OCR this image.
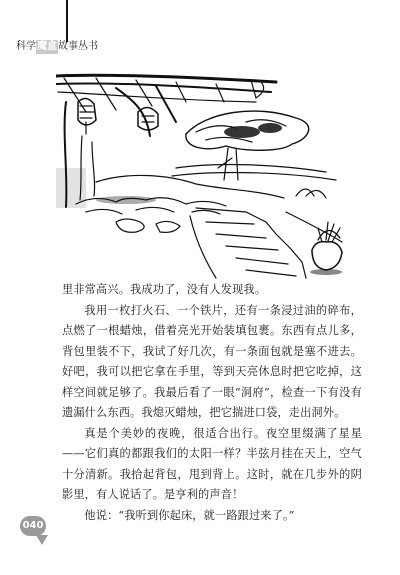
科学魔盒故事丛书

里非常高兴。我成功了，没有人发现我。

我用一枚打火石、一个铁片，还有一条浸过油的碎布，点燃了一根蜡烛，借着亮光开始装填包裹。东西有点儿多，背包里装不下，我试了好几次，有一条面包就是塞不进去。好吧，我可以把它拿在手里，等到天亮休息时把它吃掉，这样空间就足够了。我最后看了一眼“洞府”，检查一下有没有遗漏什么东西。我熄灭蜡烛，把它揣进口袋，走出洞外。

真是个美妙的夜晚，很适合出行。夜空里缀满了星星——它们真的都跟我们的太阳一样？半弦月挂在天上，空气十分清新。我拾起背包，甩到背上。这时，就在几步外的阴影里，有人说话了。是亨利的声音！

他说：“我听到你起床，就一路跟过来了。”

040
